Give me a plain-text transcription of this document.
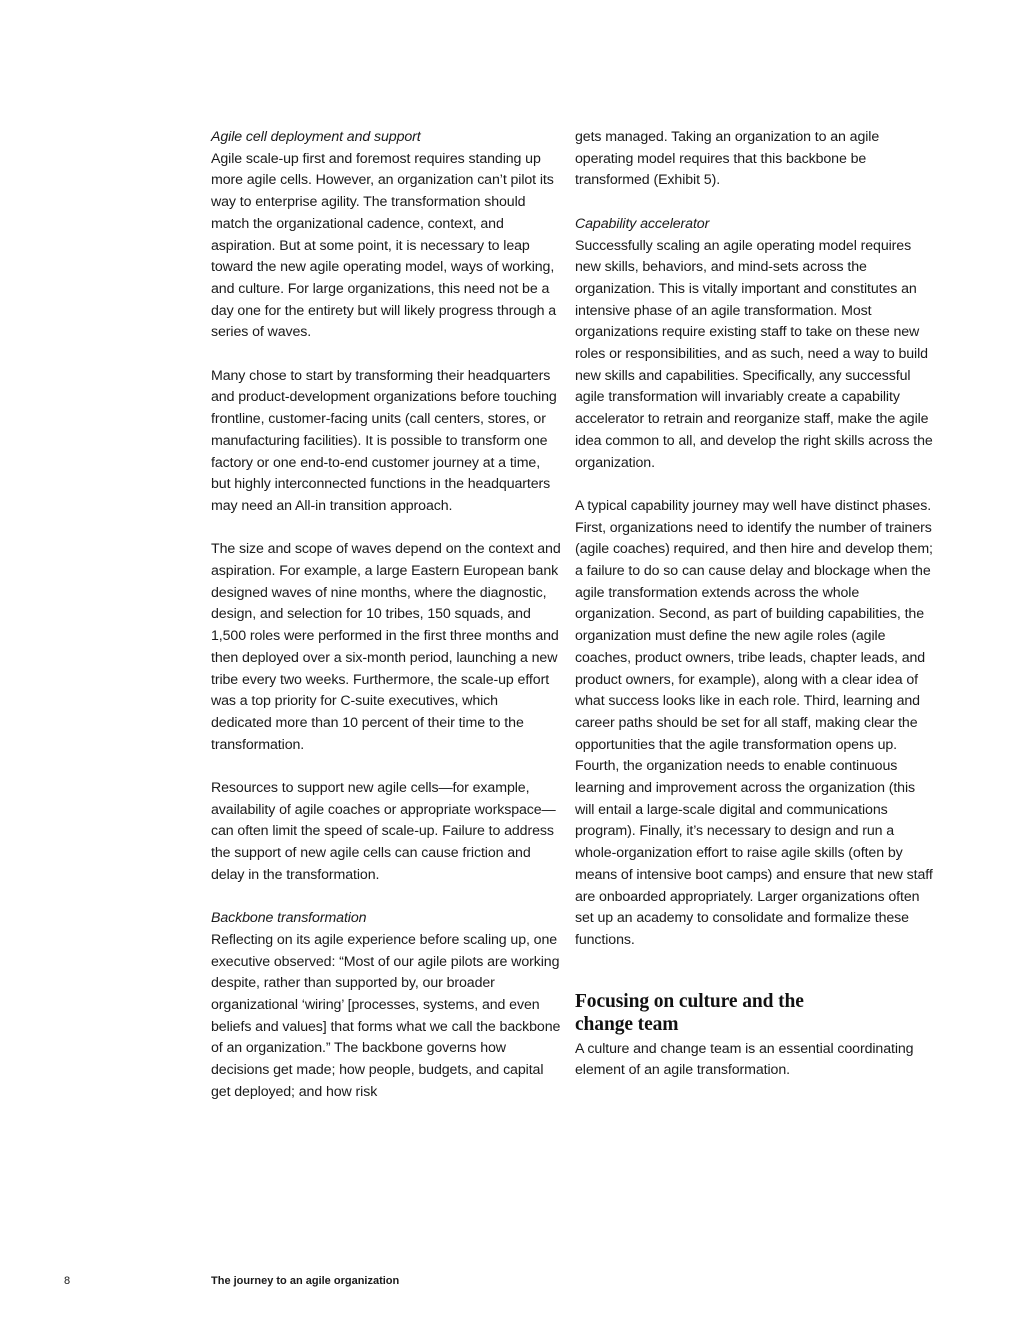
Agile cell deployment and support

Agile scale-up first and foremost requires standing up more agile cells. However, an organization can’t pilot its way to enterprise agility. The transformation should match the organizational cadence, context, and aspiration. But at some point, it is necessary to leap toward the new agile operating model, ways of working, and culture. For large organizations, this need not be a day one for the entirety but will likely progress through a series of waves.

Many chose to start by transforming their headquarters and product-development organizations before touching frontline, customer-facing units (call centers, stores, or manufacturing facilities). It is possible to transform one factory or one end-to-end customer journey at a time, but highly interconnected functions in the headquarters may need an All-in transition approach.

The size and scope of waves depend on the context and aspiration. For example, a large Eastern European bank designed waves of nine months, where the diagnostic, design, and selection for 10 tribes, 150 squads, and 1,500 roles were performed in the first three months and then deployed over a six-month period, launching a new tribe every two weeks. Furthermore, the scale-up effort was a top priority for C-suite executives, which dedicated more than 10 percent of their time to the transformation.

Resources to support new agile cells—for example, availability of agile coaches or appropriate workspace—can often limit the speed of scale-up. Failure to address the support of new agile cells can cause friction and delay in the transformation.

Backbone transformation

Reflecting on its agile experience before scaling up, one executive observed: “Most of our agile pilots are working despite, rather than supported by, our broader organizational ‘wiring’ [processes, systems, and even beliefs and values] that forms what we call the backbone of an organization.” The backbone governs how decisions get made; how people, budgets, and capital get deployed; and how risk

gets managed. Taking an organization to an agile operating model requires that this backbone be transformed (Exhibit 5).

Capability accelerator

Successfully scaling an agile operating model requires new skills, behaviors, and mind-sets across the organization. This is vitally important and constitutes an intensive phase of an agile transformation. Most organizations require existing staff to take on these new roles or responsibilities, and as such, need a way to build new skills and capabilities. Specifically, any successful agile transformation will invariably create a capability accelerator to retrain and reorganize staff, make the agile idea common to all, and develop the right skills across the organization.

A typical capability journey may well have distinct phases. First, organizations need to identify the number of trainers (agile coaches) required, and then hire and develop them; a failure to do so can cause delay and blockage when the agile transformation extends across the whole organization. Second, as part of building capabilities, the organization must define the new agile roles (agile coaches, product owners, tribe leads, chapter leads, and product owners, for example), along with a clear idea of what success looks like in each role. Third, learning and career paths should be set for all staff, making clear the opportunities that the agile transformation opens up. Fourth, the organization needs to enable continuous learning and improvement across the organization (this will entail a large-scale digital and communications program). Finally, it’s necessary to design and run a whole-organization effort to raise agile skills (often by means of intensive boot camps) and ensure that new staff are onboarded appropriately. Larger organizations often set up an academy to consolidate and formalize these functions.

Focusing on culture and the change team

A culture and change team is an essential coordinating element of an agile transformation.

8	The journey to an agile organization
